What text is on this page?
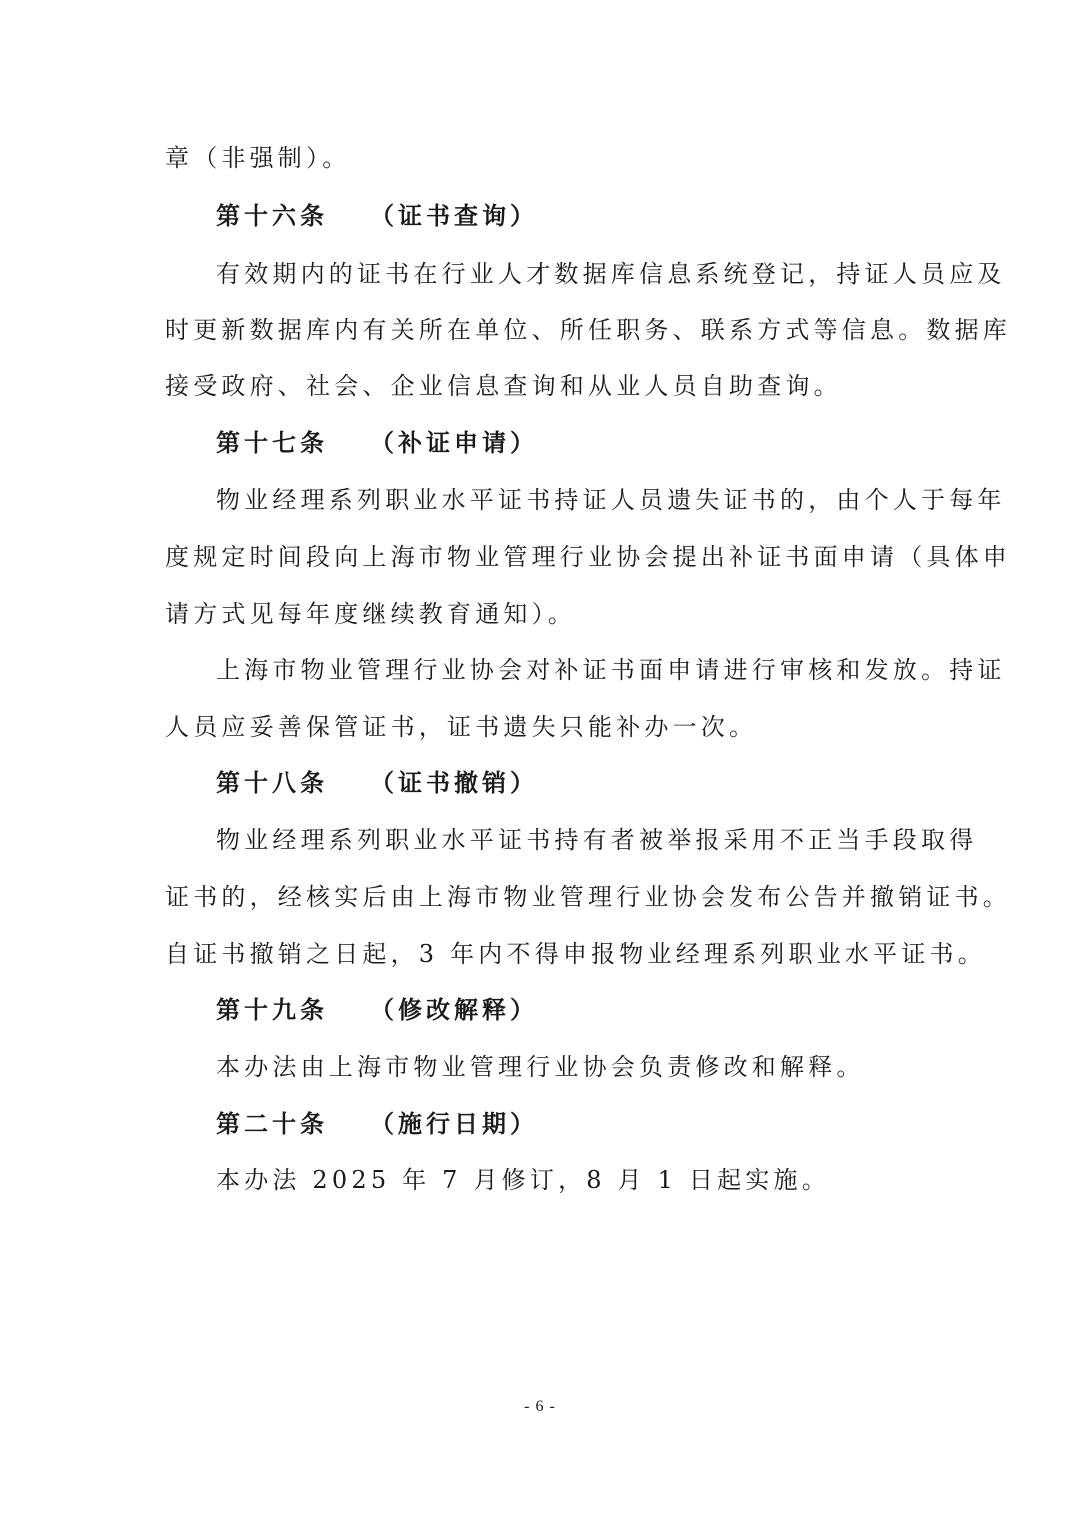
章（非强制）。
第十六条 （证书查询）
有效期内的证书在行业人才数据库信息系统登记，持证人员应及
时更新数据库内有关所在单位、所任职务、联系方式等信息。数据库
接受政府、社会、企业信息查询和从业人员自助查询。
第十七条 （补证申请）
物业经理系列职业水平证书持证人员遗失证书的，由个人于每年
度规定时间段向上海市物业管理行业协会提出补证书面申请（具体申
请方式见每年度继续教育通知）。
上海市物业管理行业协会对补证书面申请进行审核和发放。持证
人员应妥善保管证书，证书遗失只能补办一次。
第十八条 （证书撤销）
物业经理系列职业水平证书持有者被举报采用不正当手段取得
证书的，经核实后由上海市物业管理行业协会发布公告并撤销证书。
自证书撤销之日起，3 年内不得申报物业经理系列职业水平证书。
第十九条 （修改解释）
本办法由上海市物业管理行业协会负责修改和解释。
第二十条 （施行日期）
本办法 2025 年 7 月修订，8 月 1 日起实施。
- 6 -
